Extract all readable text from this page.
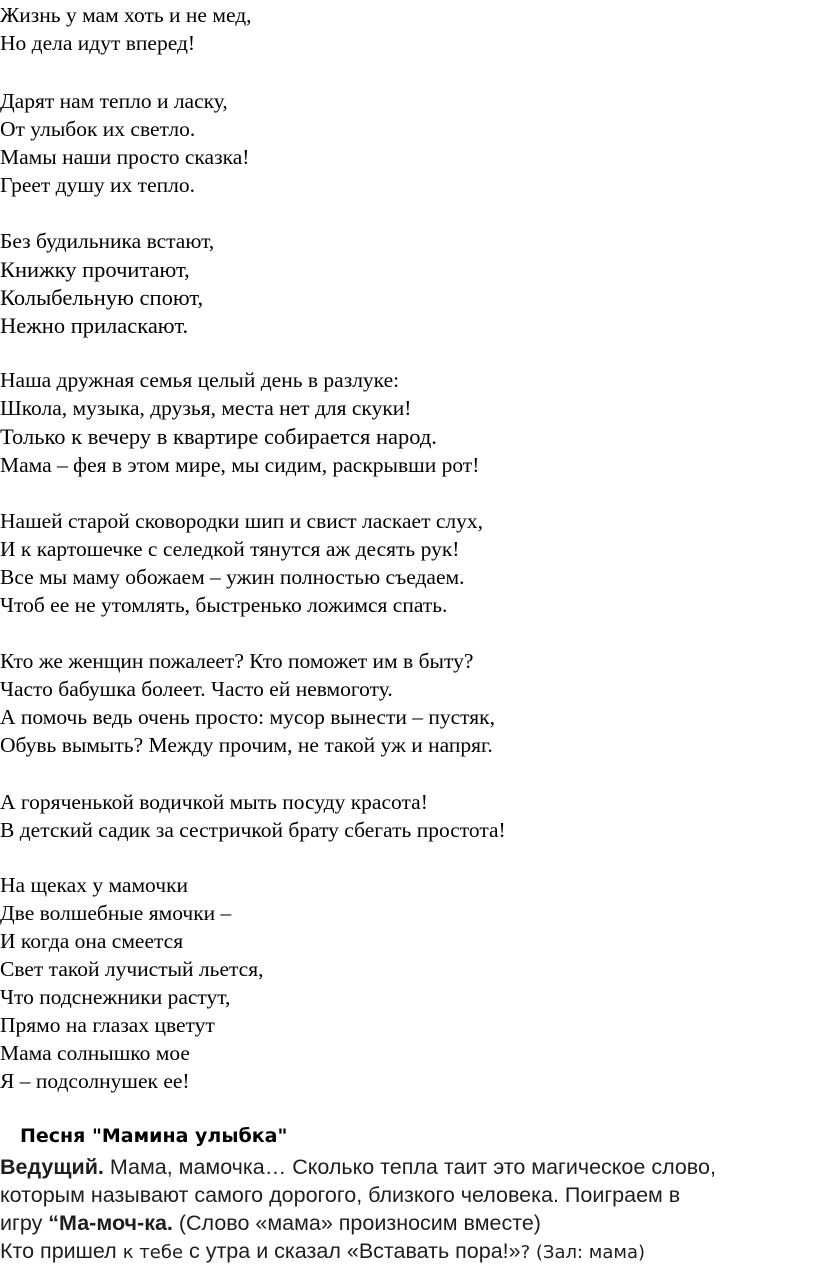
Жизнь у мам хоть и не мед,
Но дела идут вперед!
Дарят нам тепло и ласку,
От улыбок их светло.
Мамы наши просто сказка!
Греет душу их тепло.
Без будильника встают,
Книжку прочитают,
Колыбельную споют,
Нежно приласкают.
Наша дружная семья целый день в разлуке:
Школа, музыка, друзья, места нет для скуки!
Только к вечеру в квартире собирается народ.
Мама – фея в этом мире, мы сидим, раскрывши рот!
Нашей старой сковородки шип и свист ласкает слух,
И к картошечке с селедкой тянутся аж десять рук!
Все мы маму обожаем – ужин полностью съедаем.
Чтоб ее не утомлять, быстренько ложимся спать.
Кто же женщин пожалеет? Кто поможет им в быту?
Часто бабушка болеет. Часто ей невмоготу.
А помочь ведь очень просто: мусор вынести – пустяк,
Обувь вымыть? Между прочим, не такой уж и напряг.
А горяченькой водичкой мыть посуду красота!
В детский садик за сестричкой брату сбегать простота!
На щеках у мамочки
Две волшебные ямочки –
И когда она смеется
Свет такой лучистый льется,
Что подснежники растут,
Прямо на глазах цветут
Мама солнышко мое
Я – подсолнушек ее!
Песня "Мамина улыбка"
Ведущий. Мама, мамочка… Сколько тепла таит это магическое слово,
которым называют самого дорогого, близкого человека. Поиграем в
игру “Ма-моч-ка. (Слово «мама» произносим вместе)
Кто пришел к тебе с утра и сказал «Вставать пора!»? (Зал: мама)
